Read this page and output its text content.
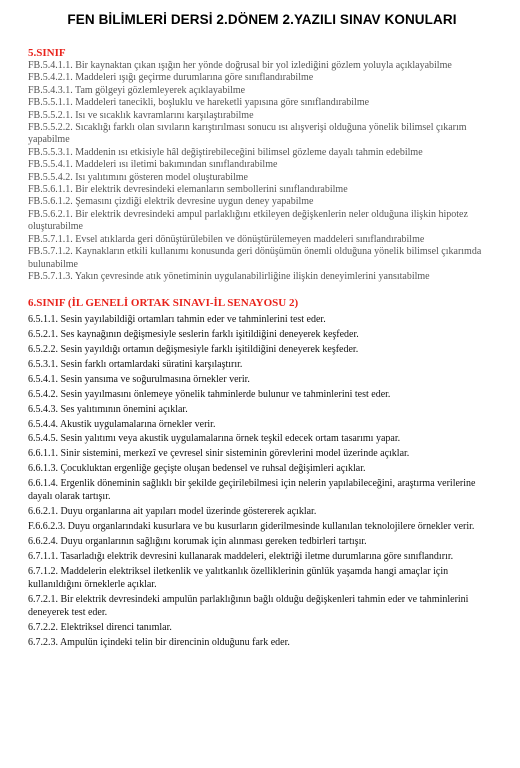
FEN BİLİMLERİ DERSİ 2.DÖNEM 2.YAZILI SINAV KONULARI
5.SINIF

FB.5.4.1.1. Bir kaynaktan çıkan ışığın her yönde doğrusal bir yol izlediğini gözlem yoluyla açıklayabilme

FB.5.4.2.1. Maddeleri ışığı geçirme durumlarına göre sınıflandırabilme

FB.5.4.3.1. Tam gölgeyi gözlemleyerek açıklayabilme

FB.5.5.1.1. Maddeleri tanecikli, boşluklu ve hareketli yapısına göre sınıflandırabilme

FB.5.5.2.1. Isı ve sıcaklık kavramlarını karşılaştırabilme

FB.5.5.2.2. Sıcaklığı farklı olan sıvıların karıştırılması sonucu ısı alışverişi olduğuna yönelik bilimsel çıkarım yapabilme

FB.5.5.3.1. Maddenin ısı etkisiyle hâl değiştirebileceğini bilimsel gözleme dayalı tahmin edebilme

FB.5.5.4.1. Maddeleri ısı iletimi bakımından sınıflandırabilme

FB.5.5.4.2. Isı yalıtımını gösteren model oluşturabilme

FB.5.6.1.1. Bir elektrik devresindeki elemanların sembollerini sınıflandırabilme

FB.5.6.1.2. Şemasını çizdiği elektrik devresine uygun deney yapabilme

FB.5.6.2.1. Bir elektrik devresindeki ampul parlaklığını etkileyen değişkenlerin neler olduğuna ilişkin hipotez oluşturabilme

FB.5.7.1.1. Evsel atıklarda geri dönüştürülebilen ve dönüştürülemeyen maddeleri sınıflandırabilme

FB.5.7.1.2. Kaynakların etkili kullanımı konusunda geri dönüşümün önemli olduğuna yönelik bilimsel çıkarımda bulunabilme

FB.5.7.1.3. Yakın çevresinde atık yönetiminin uygulanabilirliğine ilişkin deneyimlerini yansıtabilme

6.SINIF (İL GENELİ ORTAK SINAVI-İL SENAYOSU 2)

6.5.1.1. Sesin yayılabildiği ortamları tahmin eder ve tahminlerini test eder.

6.5.2.1. Ses kaynağının değişmesiyle seslerin farklı işitildiğini deneyerek keşfeder.

6.5.2.2. Sesin yayıldığı ortamın değişmesiyle farklı işitildiğini deneyerek keşfeder.

6.5.3.1. Sesin farklı ortamlardaki süratini karşılaştırır.

6.5.4.1. Sesin yansıma ve soğurulmasına örnekler verir.

6.5.4.2. Sesin yayılmasını önlemeye yönelik tahminlerde bulunur ve tahminlerini test eder.

6.5.4.3. Ses yalıtımının önemini açıklar.

6.5.4.4. Akustik uygulamalarına örnekler verir.

6.5.4.5. Sesin yalıtımı veya akustik uygulamalarına örnek teşkil edecek ortam tasarımı yapar.

6.6.1.1. Sinir sistemini, merkezî ve çevresel sinir sisteminin görevlerini model üzerinde açıklar.

6.6.1.3. Çocukluktan ergenliğe geçişte oluşan bedensel ve ruhsal değişimleri açıklar.

6.6.1.4. Ergenlik döneminin sağlıklı bir şekilde geçirilebilmesi için nelerin yapılabileceğini, araştırma verilerine dayalı olarak tartışır.

6.6.2.1. Duyu organlarına ait yapıları model üzerinde göstererek açıklar.

F.6.6.2.3. Duyu organlarındaki kusurlara ve bu kusurların giderilmesinde kullanılan teknolojilere örnekler verir.

6.6.2.4. Duyu organlarının sağlığını korumak için alınması gereken tedbirleri tartışır.

6.7.1.1. Tasarladığı elektrik devresini kullanarak maddeleri, elektriği iletme durumlarına göre sınıflandırır.

6.7.1.2. Maddelerin elektriksel iletkenlik ve yalıtkanlık özelliklerinin günlük yaşamda hangi amaçlar için kullanıldığını örneklerle açıklar.

6.7.2.1. Bir elektrik devresindeki ampulün parlaklığının bağlı olduğu değişkenleri tahmin eder ve tahminlerini deneyerek test eder.

6.7.2.2. Elektriksel direnci tanımlar.

6.7.2.3. Ampulün içindeki telin bir direncinin olduğunu fark eder.
